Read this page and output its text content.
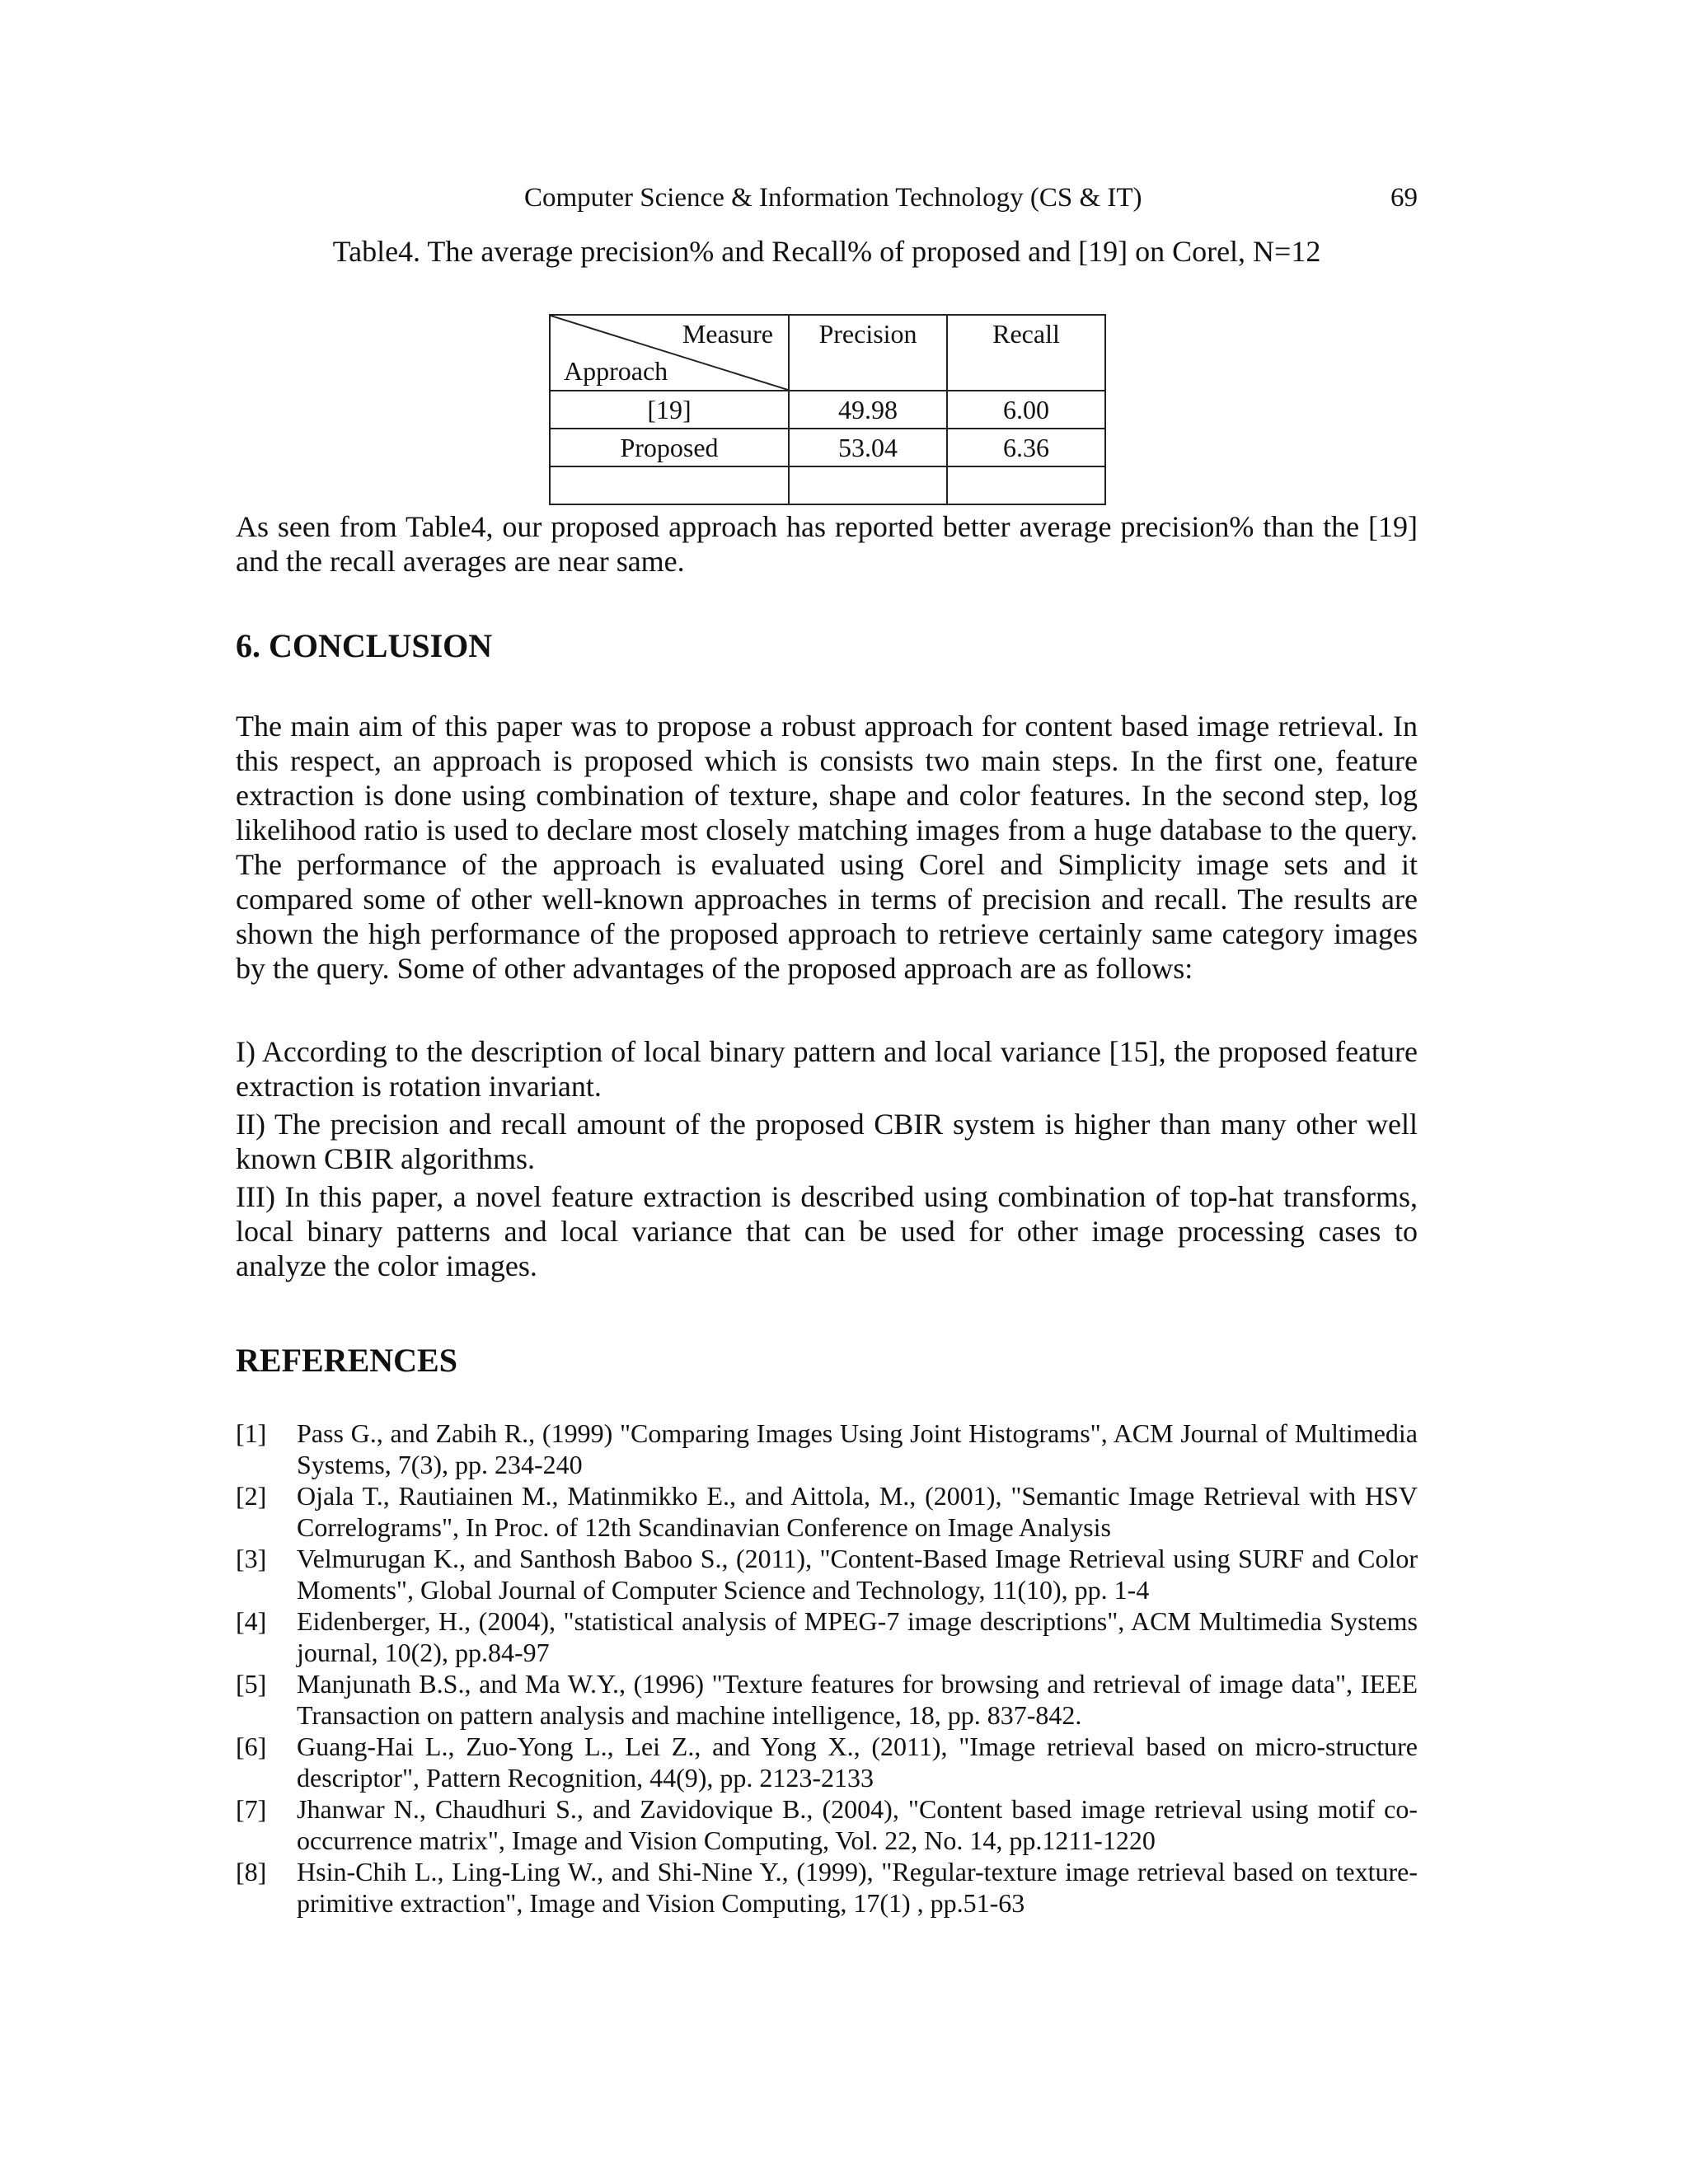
Computer Science & Information Technology (CS & IT)	69
Table4. The average precision% and Recall% of proposed and [19] on Corel, N=12
Measure
Approach	Precision	Recall

[19]	49.98	6.00
Proposed	53.04	6.36

As seen from Table4, our proposed approach has reported better average precision% than the [19] and the recall averages are near same.

6. CONCLUSION

The main aim of this paper was to propose a robust approach for content based image retrieval. In this respect, an approach is proposed which is consists two main steps. In the first one, feature extraction is done using combination of texture, shape and color features. In the second step, log likelihood ratio is used to declare most closely matching images from a huge database to the query. The performance of the approach is evaluated using Corel and Simplicity image sets and it compared some of other well-known approaches in terms of precision and recall. The results are shown the high performance of the proposed approach to retrieve certainly same category images by the query. Some of other advantages of the proposed approach are as follows:

I) According to the description of local binary pattern and local variance [15], the proposed feature extraction is rotation invariant.

II) The precision and recall amount of the proposed CBIR system is higher than many other well known CBIR algorithms.

III) In this paper, a novel feature extraction is described using combination of top-hat transforms, local binary patterns and local variance that can be used for other image processing cases to analyze the color images.

REFERENCES
[1] Pass G., and Zabih R., (1999) "Comparing Images Using Joint Histograms", ACM Journal of Multimedia Systems, 7(3), pp. 234-240
[2] Ojala T., Rautiainen M., Matinmikko E., and Aittola, M., (2001), "Semantic Image Retrieval with HSV Correlograms", In Proc. of 12th Scandinavian Conference on Image Analysis
[3] Velmurugan K., and Santhosh Baboo S., (2011), "Content-Based Image Retrieval using SURF and Color Moments", Global Journal of Computer Science and Technology, 11(10), pp. 1-4
[4] Eidenberger, H., (2004), "statistical analysis of MPEG-7 image descriptions", ACM Multimedia Systems journal, 10(2), pp.84-97
[5] Manjunath B.S., and Ma W.Y., (1996) "Texture features for browsing and retrieval of image data", IEEE Transaction on pattern analysis and machine intelligence, 18, pp. 837-842.
[6] Guang-Hai L., Zuo-Yong L., Lei Z., and Yong X., (2011), "Image retrieval based on micro-structure descriptor", Pattern Recognition, 44(9), pp. 2123-2133
[7] Jhanwar N., Chaudhuri S., and Zavidovique B., (2004), "Content based image retrieval using motif co-occurrence matrix", Image and Vision Computing, Vol. 22, No. 14, pp.1211-1220
[8] Hsin-Chih L., Ling-Ling W., and Shi-Nine Y., (1999), "Regular-texture image retrieval based on texture-primitive extraction", Image and Vision Computing, 17(1) , pp.51-63
